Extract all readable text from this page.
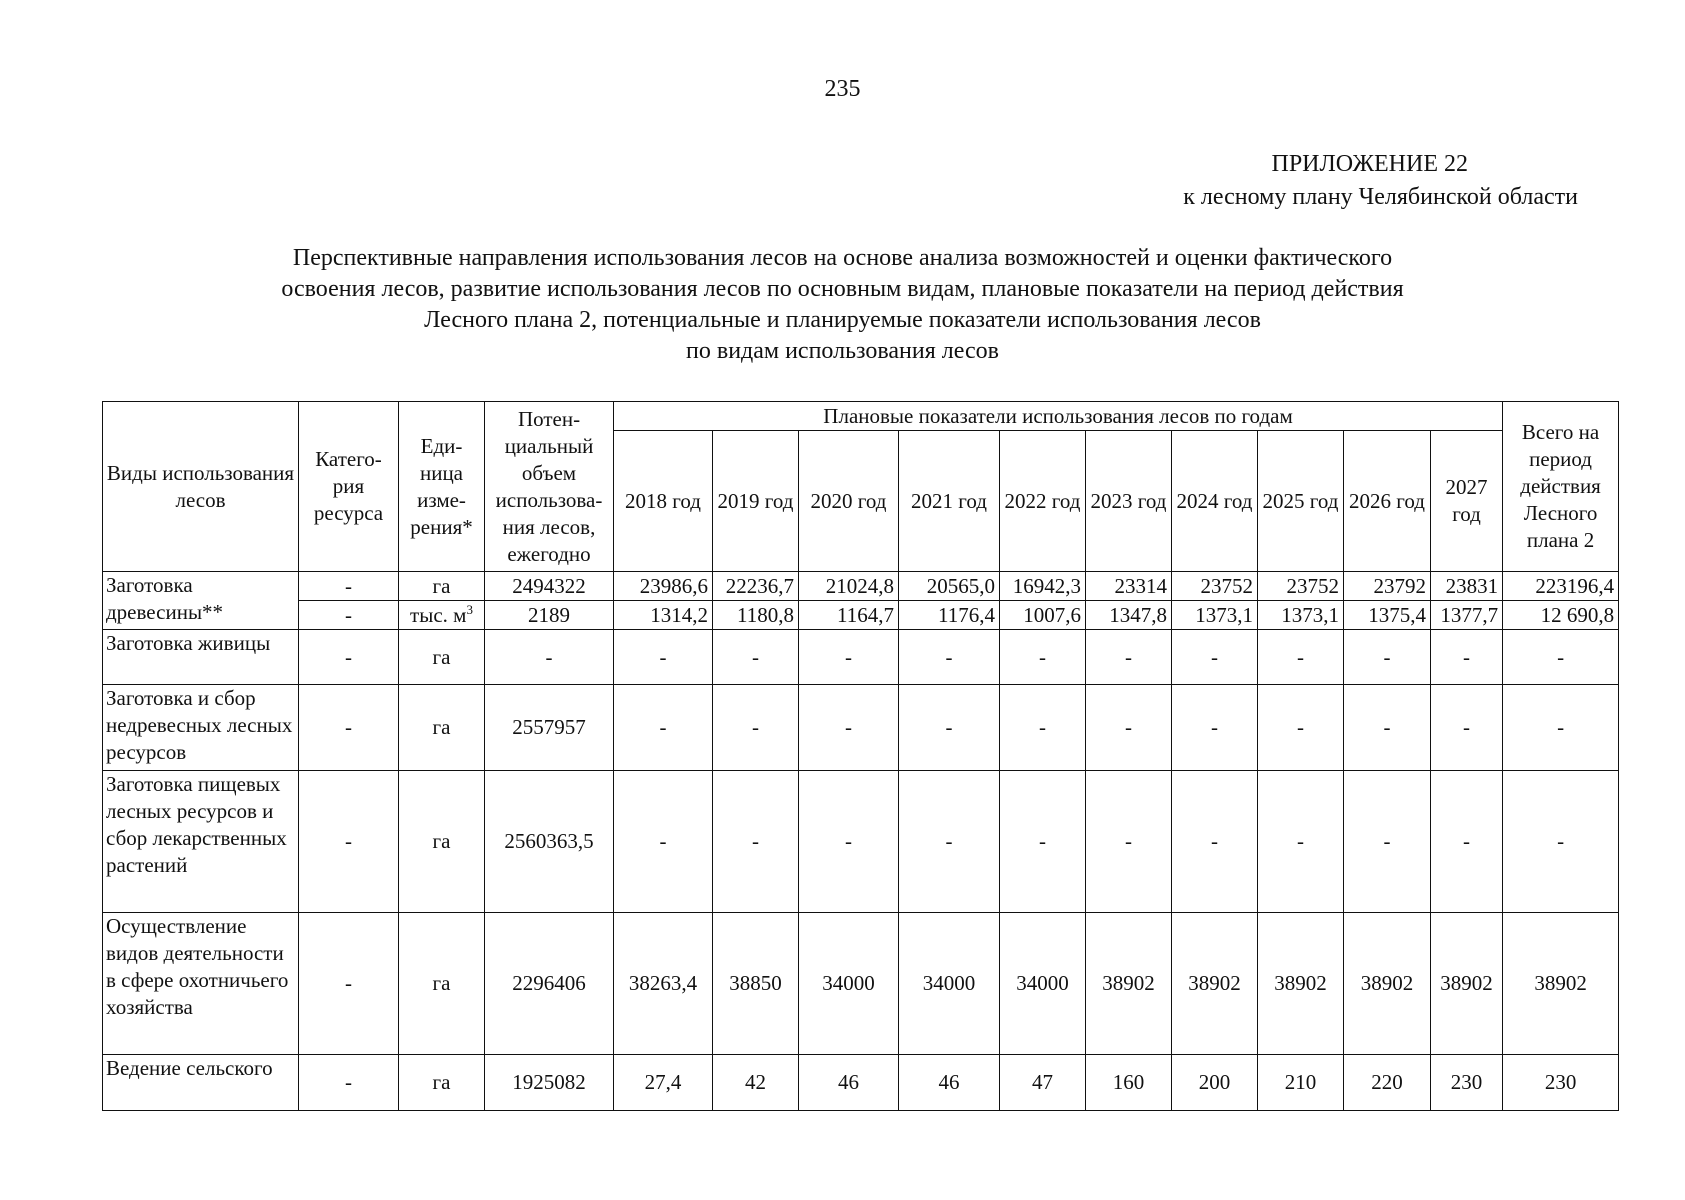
235
ПРИЛОЖЕНИЕ 22
к лесному плану Челябинской области
Перспективные направления использования лесов на основе анализа возможностей и оценки фактического
освоения лесов, развитие использования лесов по основным видам, плановые показатели на период действия
Лесного плана 2, потенциальные и планируемые показатели использования лесов
по видам использования лесов
Виды использования лесов	Катего-рия ресурса	Еди-ница изме-рения*	Потен-циальный объем использова-ния лесов, ежегодно	Плановые показатели использования лесов по годам										Всего на период действия Лесного плана 2
				2018 год	2019 год	2020 год	2021 год	2022 год	2023 год	2024 год	2025 год	2026 год	2027 год	
Заготовка древесины**	-	га	2494322	23986,6	22236,7	21024,8	20565,0	16942,3	23314	23752	23752	23792	23831	223196,4
	-	тыс. $м^3$	2189	1314,2	1180,8	1164,7	1176,4	1007,6	1347,8	1373,1	1373,1	1375,4	1377,7	12 690,8
Заготовка живицы	-	га	-	-	-	-	-	-	-	-	-	-	-	-
Заготовка и сбор недревесных лесных ресурсов	-	га	2557957	-	-	-	-	-	-	-	-	-	-	-
Заготовка пищевых лесных ресурсов и сбор лекарственных растений	-	га	2560363,5	-	-	-	-	-	-	-	-	-	-	-
Осуществление видов деятельности в сфере охотничьего хозяйства	-	га	2296406	38263,4	38850	34000	34000	34000	38902	38902	38902	38902	38902	38902
Ведение сельского	-	га	1925082	27,4	42	46	46	47	160	200	210	220	230	230
